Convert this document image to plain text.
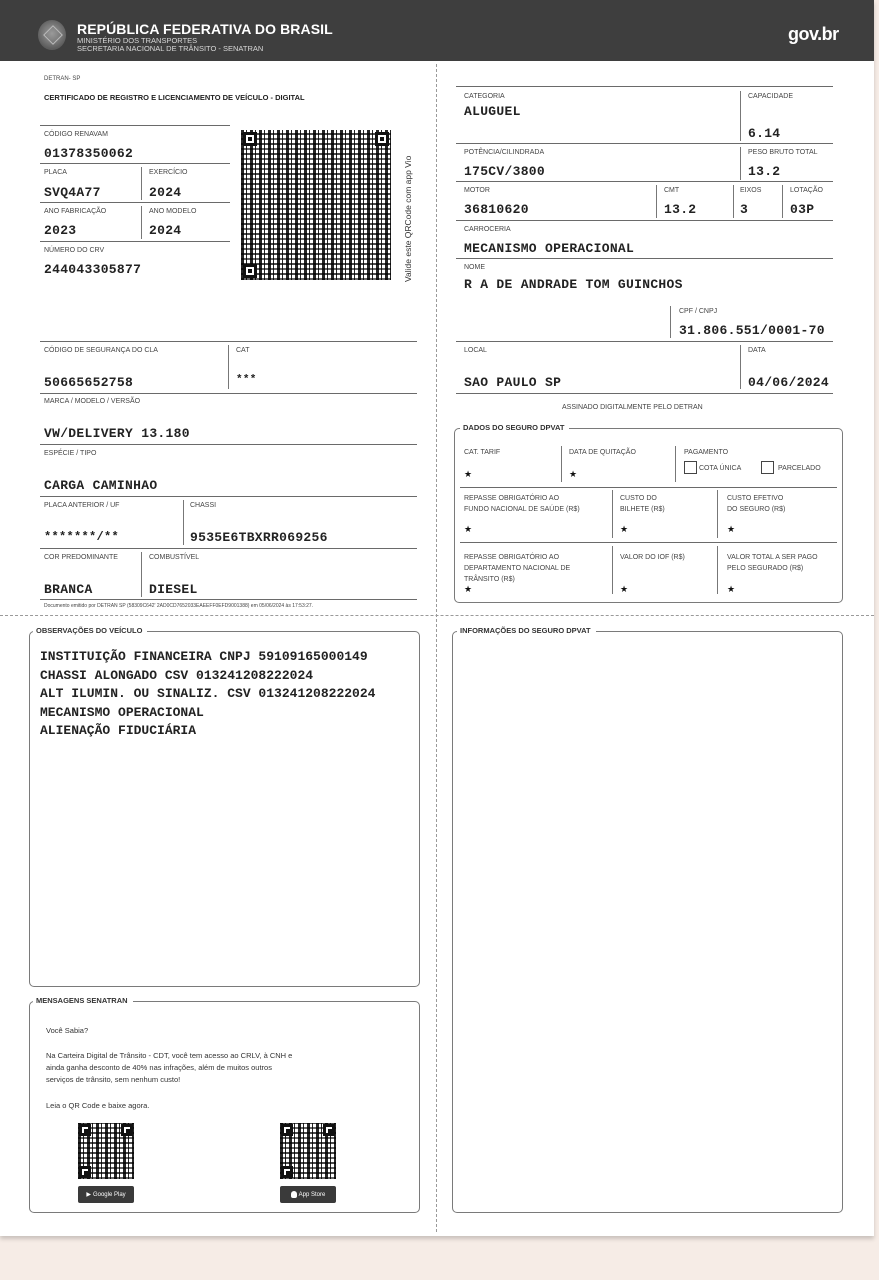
REPÚBLICA FEDERATIVA DO BRASIL
MINISTÉRIO DOS TRANSPORTES
SECRETARIA NACIONAL DE TRÂNSITO - SENATRAN
gov.br
DETRAN- SP
CERTIFICADO DE REGISTRO E LICENCIAMENTO DE VEÍCULO - DIGITAL
CÓDIGO RENAVAM
01378350062
PLACA
SVQ4A77
EXERCÍCIO
2024
ANO FABRICAÇÃO
2023
ANO MODELO
2024
NÚMERO DO CRV
244043305877	Valide este QRCode com app Vio
CÓDIGO DE SEGURANÇA DO CLA
50665652758
CAT
***
MARCA / MODELO / VERSÃO
VW/DELIVERY 13.180
ESPÉCIE / TIPO
CARGA CAMINHAO
PLACA ANTERIOR / UF
*******/**
CHASSI
9535E6TBXRR069256
COR PREDOMINANTE
BRANCA
COMBUSTÍVEL
DIESEL
Documento emitido por DETRAN SP (58309C642' 2AD0CD7652033EAEEFF0EFD9001388) em 05/06/2024 às 17:53:27.
CATEGORIA
ALUGUEL
CAPACIDADE
6.14
POTÊNCIA/CILINDRADA
175CV/3800
PESO BRUTO TOTAL
13.2
MOTOR
36810620
CMT
13.2
EIXOS
3
LOTAÇÃO
03P
CARROCERIA
MECANISMO OPERACIONAL
NOME
R A DE ANDRADE TOM GUINCHOS
CPF / CNPJ
31.806.551/0001-70
LOCAL
SAO PAULO SP
DATA
04/06/2024
ASSINADO DIGITALMENTE PELO DETRAN
DADOS DO SEGURO DPVAT
CAT. TARIF
★
DATA DE QUITAÇÃO
★
PAGAMENTO
COTA ÚNICA	PARCELADO
REPASSE OBRIGATÓRIO AO
FUNDO NACIONAL DE SAÚDE (R$)
★
CUSTO DO
BILHETE (R$)
★
CUSTO EFETIVO
DO SEGURO (R$)
★
REPASSE OBRIGATÓRIO AO
DEPARTAMENTO NACIONAL DE
TRÂNSITO (R$)
★
VALOR DO IOF (R$)
★
VALOR TOTAL A SER PAGO
PELO SEGURADO (R$)
★
OBSERVAÇÕES DO VEÍCULO
INSTITUIÇÃO FINANCEIRA CNPJ 59109165000149
CHASSI ALONGADO CSV 013241208222024
ALT ILUMIN. OU SINALIZ. CSV 013241208222024
MECANISMO OPERACIONAL
ALIENAÇÃO FIDUCIÁRIA
INFORMAÇÕES DO SEGURO DPVAT
MENSAGENS SENATRAN
Você Sabia?
Na Carteira Digital de Trânsito - CDT, você tem acesso ao CRLV, à CNH e
ainda ganha desconto de 40% nas infrações, além de muitos outros
serviços de trânsito, sem nenhum custo!
Leia o QR Code e baixe agora.
▶ Google Play	App Store
